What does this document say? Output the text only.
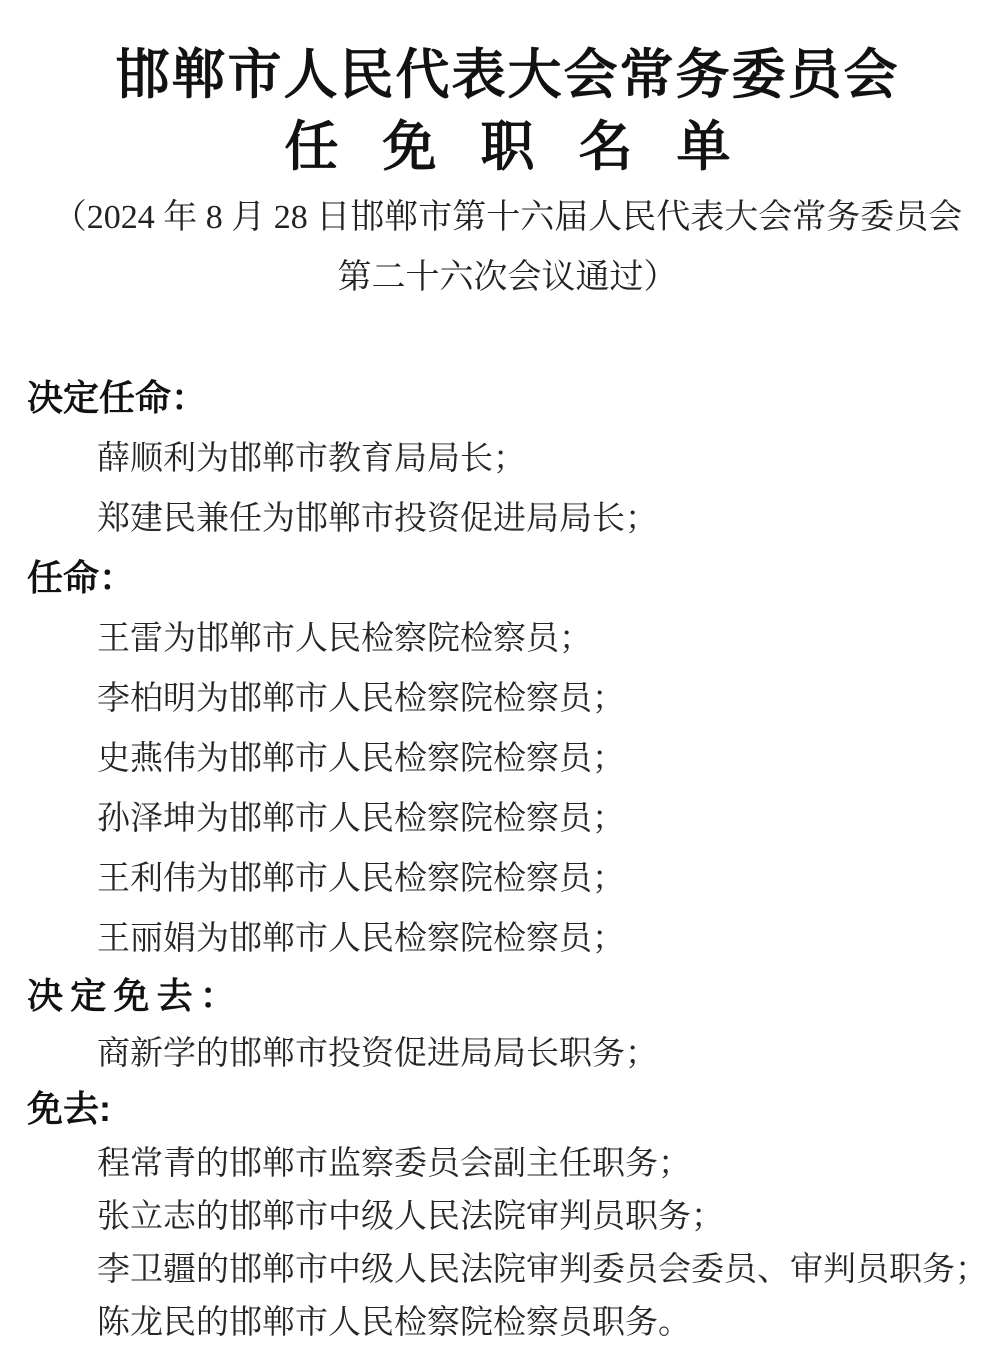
邯郸市人民代表大会常务委员会
任免职名单
（2024 年 8 月 28 日邯郸市第十六届人民代表大会常务委员会
第二十六次会议通过）
决定任命：
薛顺利为邯郸市教育局局长；
郑建民兼任为邯郸市投资促进局局长；
任命：
王雷为邯郸市人民检察院检察员；
李柏明为邯郸市人民检察院检察员；
史燕伟为邯郸市人民检察院检察员；
孙泽坤为邯郸市人民检察院检察员；
王利伟为邯郸市人民检察院检察员；
王丽娟为邯郸市人民检察院检察员；
决定免去：
商新学的邯郸市投资促进局局长职务；
免去:
程常青的邯郸市监察委员会副主任职务；
张立志的邯郸市中级人民法院审判员职务；
李卫疆的邯郸市中级人民法院审判委员会委员、审判员职务；
陈龙民的邯郸市人民检察院检察员职务。
